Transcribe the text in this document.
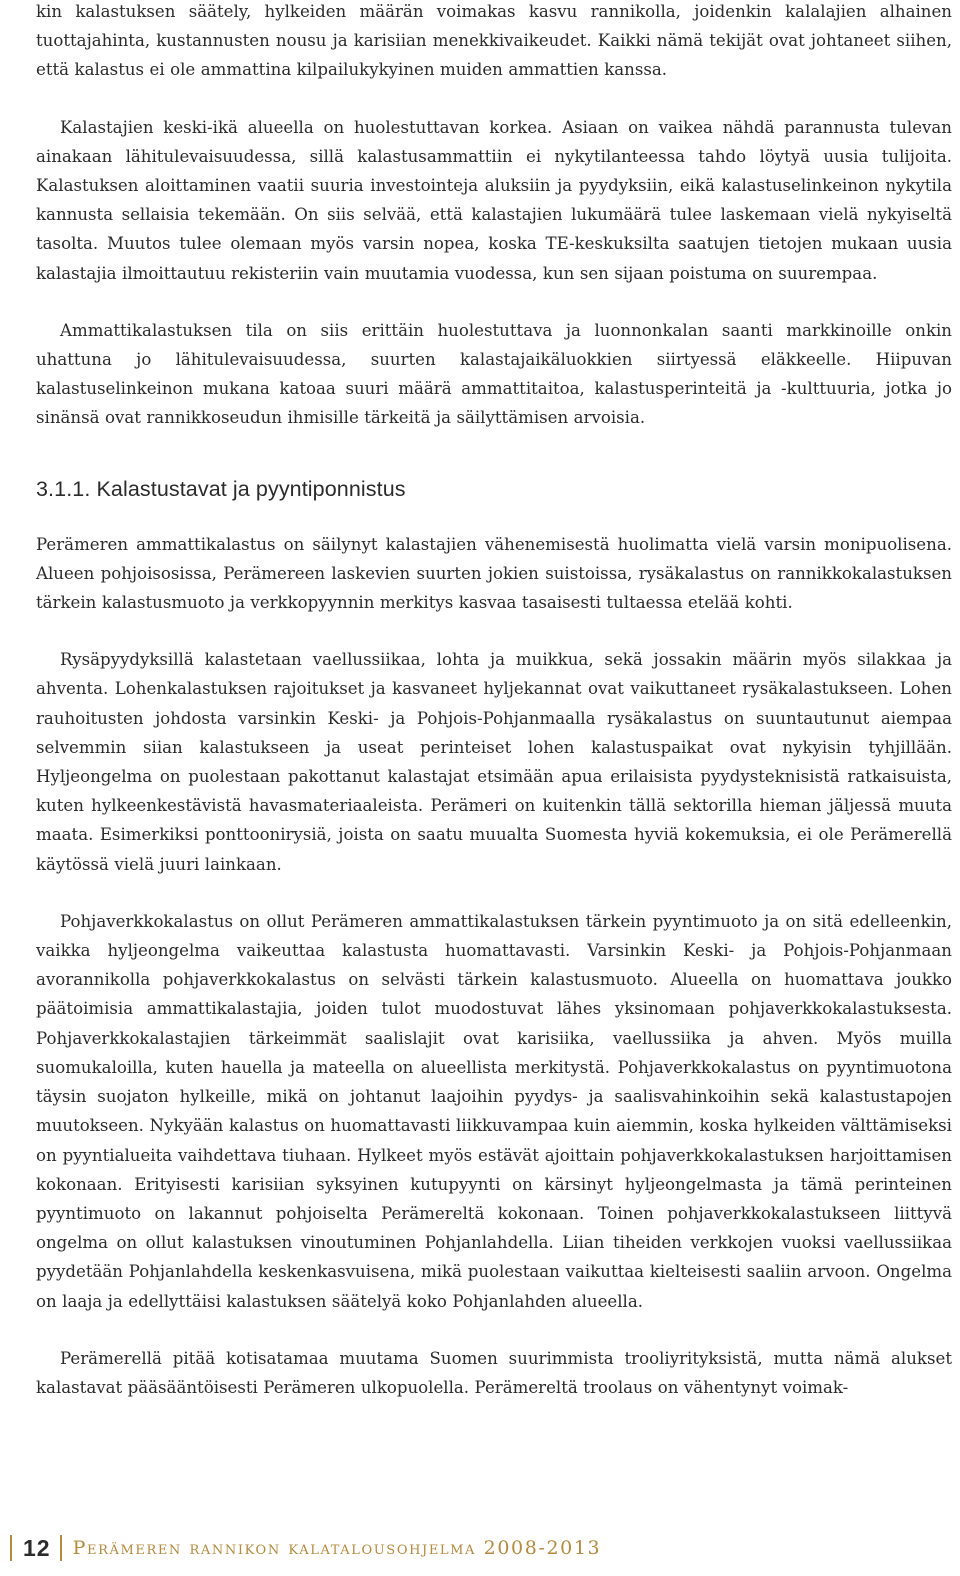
kin kalastuksen säätely, hylkeiden määrän voimakas kasvu rannikolla, joidenkin kalalajien alhainen tuottajahinta, kustannusten nousu ja karisiian menekkivaikeudet. Kaikki nämä tekijät ovat johtaneet siihen, että kalastus ei ole ammattina kilpailukykyinen muiden ammattien kanssa.

Kalastajien keski-ikä alueella on huolestuttavan korkea. Asiaan on vaikea nähdä parannusta tulevan ainakaan lähitulevaisuudessa, sillä kalastusammattiin ei nykytilanteessa tahdo löytyä uusia tulijoita. Kalastuksen aloittaminen vaatii suuria investointeja aluksiin ja pyydyksiin, eikä kalastuselinkeinon nykytila kannusta sellaisia tekemään. On siis selvää, että kalastajien lukumäärä tulee laskemaan vielä nykyiseltä tasolta. Muutos tulee olemaan myös varsin nopea, koska TE-keskuksilta saatujen tietojen mukaan uusia kalastajia ilmoittautuu rekisteriin vain muutamia vuodessa, kun sen sijaan poistuma on suurempaa.

Ammattikalastuksen tila on siis erittäin huolestuttava ja luonnonkalan saanti markkinoille onkin uhattuna jo lähitulevaisuudessa, suurten kalastajaikäluokkien siirtyessä eläkkeelle. Hiipuvan kalastuselinkeinon mukana katoaa suuri määrä ammattitaitoa, kalastusperinteitä ja -kulttuuria, jotka jo sinänsä ovat rannikkoseudun ihmisille tärkeitä ja säilyttämisen arvoisia.

3.1.1. Kalastustavat ja pyyntiponnistus

Perämeren ammattikalastus on säilynyt kalastajien vähenemisestä huolimatta vielä varsin monipuolisena. Alueen pohjoisosissa, Perämereen laskevien suurten jokien suistoissa, rysäkalastus on rannikkokalastuksen tärkein kalastusmuoto ja verkkopyynnin merkitys kasvaa tasaisesti tultaessa etelää kohti.

Rysäpyydyksillä kalastetaan vaellussiikaa, lohta ja muikkua, sekä jossakin määrin myös silakkaa ja ahventa. Lohenkalastuksen rajoitukset ja kasvaneet hyljekannat ovat vaikuttaneet rysäkalastukseen. Lohen rauhoitusten johdosta varsinkin Keski- ja Pohjois-Pohjanmaalla rysäkalastus on suuntautunut aiempaa selvemmin siian kalastukseen ja useat perinteiset lohen kalastuspaikat ovat nykyisin tyhjillään. Hyljeongelma on puolestaan pakottanut kalastajat etsimään apua erilaisista pyydysteknisistä ratkaisuista, kuten hylkeenkestävistä havasmateriaaleista. Perämeri on kuitenkin tällä sektorilla hieman jäljessä muuta maata. Esimerkiksi ponttoonirysiä, joista on saatu muualta Suomesta hyviä kokemuksia, ei ole Perämerellä käytössä vielä juuri lainkaan.

Pohjaverkkokalastus on ollut Perämeren ammattikalastuksen tärkein pyyntimuoto ja on sitä edelleenkin, vaikka hyljeongelma vaikeuttaa kalastusta huomattavasti. Varsinkin Keski- ja Pohjois-Pohjanmaan avorannikolla pohjaverkkokalastus on selvästi tärkein kalastusmuoto. Alueella on huomattava joukko päätoimisia ammattikalastajia, joiden tulot muodostuvat lähes yksinomaan pohjaverkkokalastuksesta. Pohjaverkkokalastajien tärkeimmät saalislajit ovat karisiika, vaellussiika ja ahven. Myös muilla suomukaloilla, kuten hauella ja mateella on alueellista merkitystä. Pohjaverkkokalastus on pyyntimuotona täysin suojaton hylkeille, mikä on johtanut laajoihin pyydys- ja saalisvahinkoihin sekä kalastustapojen muutokseen. Nykyään kalastus on huomattavasti liikkuvampaa kuin aiemmin, koska hylkeiden välttämiseksi on pyyntialueita vaihdettava tiuhaan. Hylkeet myös estävät ajoittain pohjaverkkokalastuksen harjoittamisen kokonaan. Erityisesti karisiian syksyinen kutupyynti on kärsinyt hyljeongelmasta ja tämä perinteinen pyyntimuoto on lakannut pohjoiselta Perämereltä kokonaan. Toinen pohjaverkkokalastukseen liittyvä ongelma on ollut kalastuksen vinoutuminen Pohjanlahdella. Liian tiheiden verkkojen vuoksi vaellussiikaa pyydetään Pohjanlahdella keskenkasvuisena, mikä puolestaan vaikuttaa kielteisesti saaliin arvoon. Ongelma on laaja ja edellyttäisi kalastuksen säätelyä koko Pohjanlahden alueella.

Perämerellä pitää kotisatamaa muutama Suomen suurimmista trooliyrityksistä, mutta nämä alukset kalastavat pääsääntöisesti Perämeren ulkopuolella. Perämereltä troolaus on vähentynyt voimak-

12	Perämeren rannikon kalatalousohjelma 2008-2013
